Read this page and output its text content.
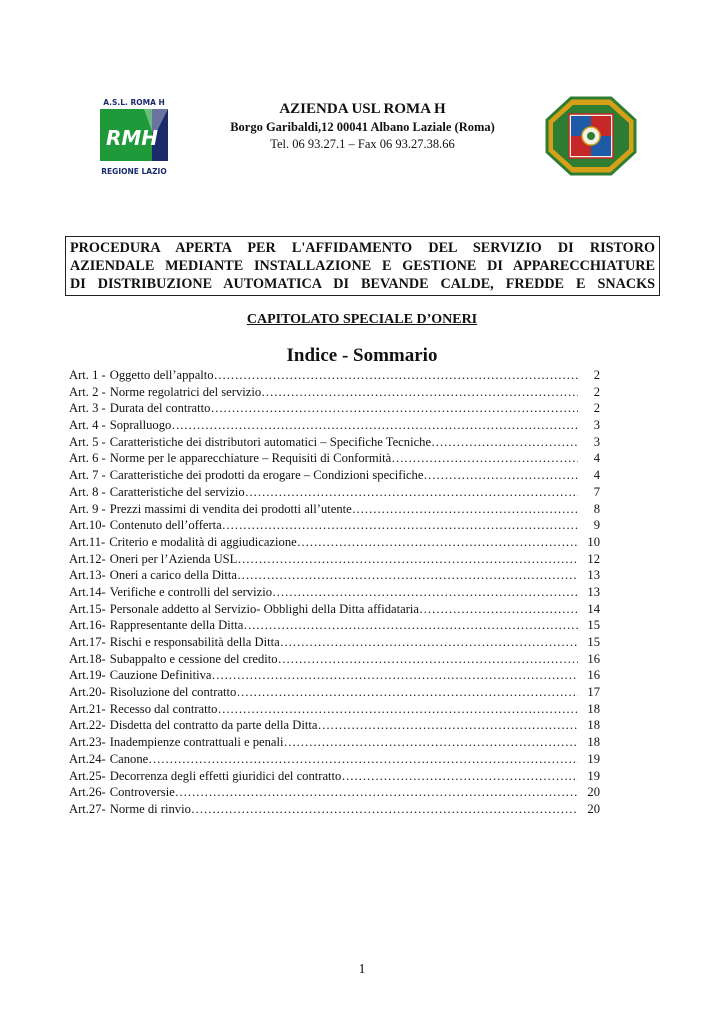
A.S.L. ROMA H
RMH
REGIONE LAZIO

AZIENDA USL ROMA H

Borgo Garibaldi,12 00041 Albano Laziale (Roma)

Tel. 06 93.27.1 – Fax 06 93.27.38.66

PROCEDURA APERTA PER L'AFFIDAMENTO DEL SERVIZIO DI RISTORO
AZIENDALE MEDIANTE INSTALLAZIONE E GESTIONE DI APPARECCHIATURE
DI DISTRIBUZIONE AUTOMATICA DI BEVANDE CALDE, FREDDE E SNACKS
CAPITOLATO SPECIALE D’ONERI
Indice - Sommario
Art. 1 - Oggetto dell’appalto …………………………………………………………………………………………………………………………………………………………………	2
Art. 2 - Norme regolatrici del servizio …………………………………………………………………………………………………………………………………………………………………	2
Art. 3 - Durata del contratto …………………………………………………………………………………………………………………………………………………………………	2
Art. 4 - Sopralluogo …………………………………………………………………………………………………………………………………………………………………	3
Art. 5 - Caratteristiche dei distributori automatici – Specifiche Tecniche …………………………………………………………………………………………………………………………………………………………………	3
Art. 6 - Norme per le apparecchiature – Requisiti di Conformità …………………………………………………………………………………………………………………………………………………………………	4
Art. 7 - Caratteristiche dei prodotti da erogare – Condizioni specifiche …………………………………………………………………………………………………………………………………………………………………	4
Art. 8 - Caratteristiche del servizio …………………………………………………………………………………………………………………………………………………………………	7
Art. 9 - Prezzi massimi di vendita dei prodotti all’utente …………………………………………………………………………………………………………………………………………………………………	8
Art.10- Contenuto dell’offerta …………………………………………………………………………………………………………………………………………………………………	9
Art.11- Criterio e modalità di aggiudicazione …………………………………………………………………………………………………………………………………………………………………	10
Art.12- Oneri per l’Azienda USL …………………………………………………………………………………………………………………………………………………………………	12
Art.13- Oneri a carico della Ditta …………………………………………………………………………………………………………………………………………………………………	13
Art.14- Verifiche e controlli del servizio …………………………………………………………………………………………………………………………………………………………………	13
Art.15- Personale addetto al Servizio- Obblighi della Ditta affidataria …………………………………………………………………………………………………………………………………………………………………	14
Art.16- Rappresentante della Ditta …………………………………………………………………………………………………………………………………………………………………	15
Art.17- Rischi e responsabilità della Ditta …………………………………………………………………………………………………………………………………………………………………	15
Art.18- Subappalto e cessione del credito …………………………………………………………………………………………………………………………………………………………………	16
Art.19- Cauzione Definitiva …………………………………………………………………………………………………………………………………………………………………	16
Art.20- Risoluzione del contratto …………………………………………………………………………………………………………………………………………………………………	17
Art.21- Recesso dal contratto …………………………………………………………………………………………………………………………………………………………………	18
Art.22- Disdetta del contratto da parte della Ditta …………………………………………………………………………………………………………………………………………………………………	18
Art.23- Inadempienze contrattuali e penali …………………………………………………………………………………………………………………………………………………………………	18
Art.24- Canone …………………………………………………………………………………………………………………………………………………………………	19
Art.25- Decorrenza degli effetti giuridici del contratto …………………………………………………………………………………………………………………………………………………………………	19
Art.26- Controversie …………………………………………………………………………………………………………………………………………………………………	20
Art.27- Norme di rinvio …………………………………………………………………………………………………………………………………………………………………	20
1
